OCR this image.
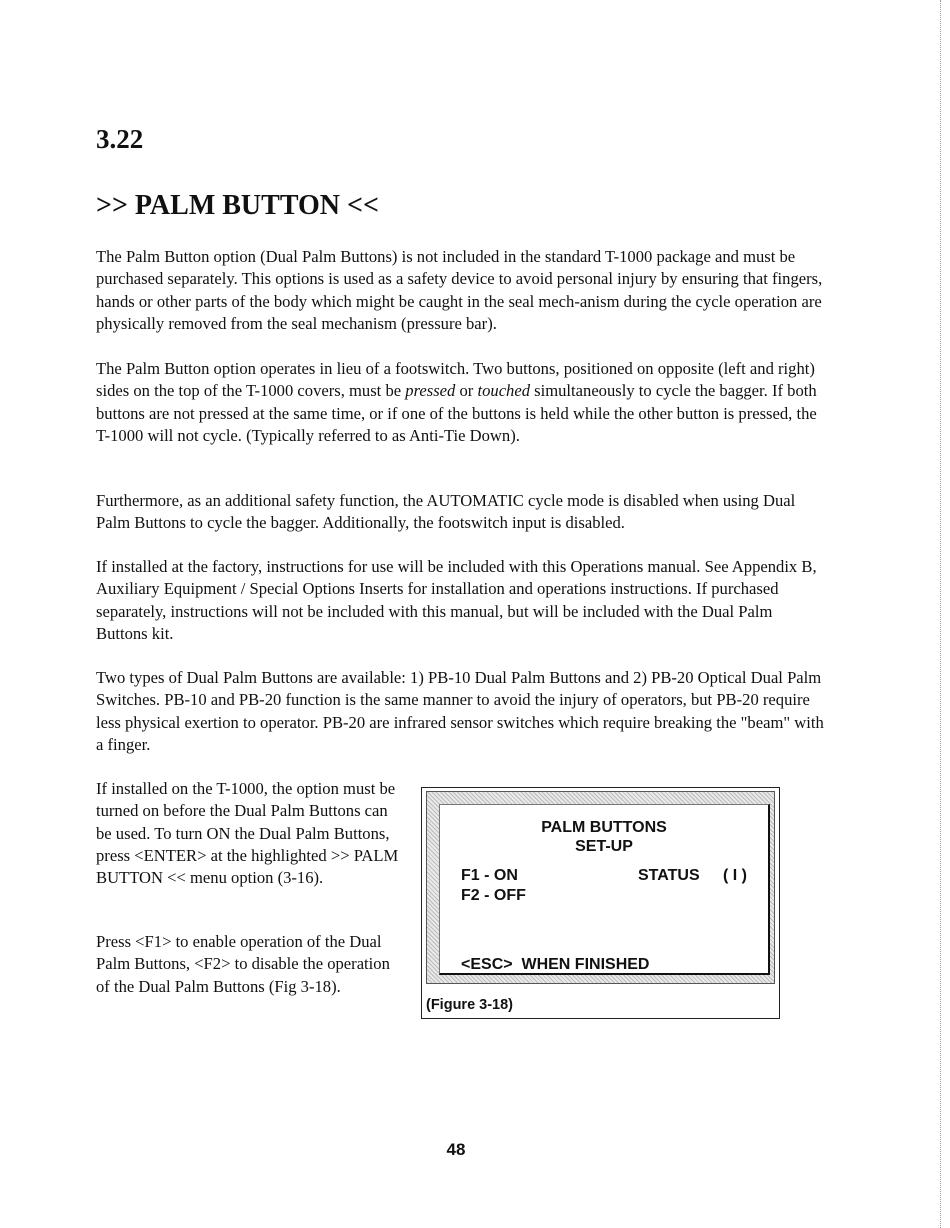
3.22
>> PALM BUTTON <<

The Palm Button option (Dual Palm Buttons) is not included in the standard T-1000 package and must be purchased separately. This options is used as a safety device to avoid personal injury by ensuring that fingers, hands or other parts of the body which might be caught in the seal mech-anism during the cycle operation are physically removed from the seal mechanism (pressure bar).

The Palm Button option operates in lieu of a footswitch. Two buttons, positioned on opposite (left and right) sides on the top of the T-1000 covers, must be pressed or touched simultaneously to cycle the bagger. If both buttons are not pressed at the same time, or if one of the buttons is held while the other button is pressed, the T-1000 will not cycle. (Typically referred to as Anti-Tie Down).

Furthermore, as an additional safety function, the AUTOMATIC cycle mode is disabled when using Dual Palm Buttons to cycle the bagger. Additionally, the footswitch input is disabled.

If installed at the factory, instructions for use will be included with this Operations manual. See Appendix B, Auxiliary Equipment / Special Options Inserts for installation and operations instructions. If purchased separately, instructions will not be included with this manual, but will be included with the Dual Palm Buttons kit.

Two types of Dual Palm Buttons are available: 1) PB-10 Dual Palm Buttons and 2) PB-20 Optical Dual Palm Switches. PB-10 and PB-20 function is the same manner to avoid the injury of operators, but PB-20 require less physical exertion to operator. PB-20 are infrared sensor switches which require breaking the "beam" with a finger.

If installed on the T-1000, the option must be turned on before the Dual Palm Buttons can be used. To turn ON the Dual Palm Buttons, press <ENTER> at the highlighted >> PALM BUTTON << menu option (3-16).

Press <F1> to enable operation of the Dual Palm Buttons, <F2> to disable the operation of the Dual Palm Buttons (Fig 3-18).

PALM BUTTONS

SET-UP

F1 - ON

F2 - OFF

STATUS ( I )

<ESC>  WHEN FINISHED

(Figure 3-18)

48
